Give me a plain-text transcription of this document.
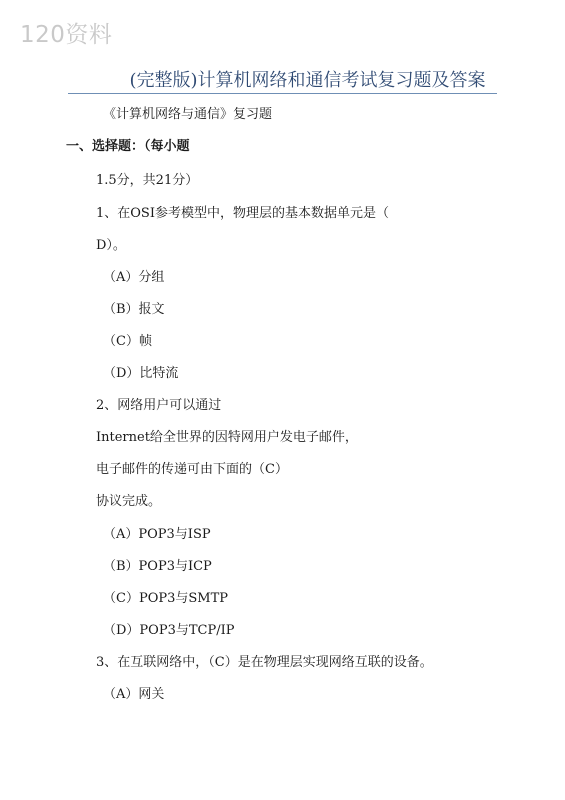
120资料
(完整版)计算机网络和通信考试复习题及答案
《计算机网络与通信》复习题
一、选择题：（每小题
1.5分，共21分）
1、在OSI参考模型中，物理层的基本数据单元是（
D）。
（A）分组
（B）报文
（C）帧
（D）比特流
2、网络用户可以通过
Internet给全世界的因特网用户发电子邮件，
电子邮件的传递可由下面的（C）
协议完成。
（A）POP3与ISP
（B）POP3与ICP
（C）POP3与SMTP
（D）POP3与TCP/IP
3、在互联网络中，（C）是在物理层实现网络互联的设备。
（A）网关
